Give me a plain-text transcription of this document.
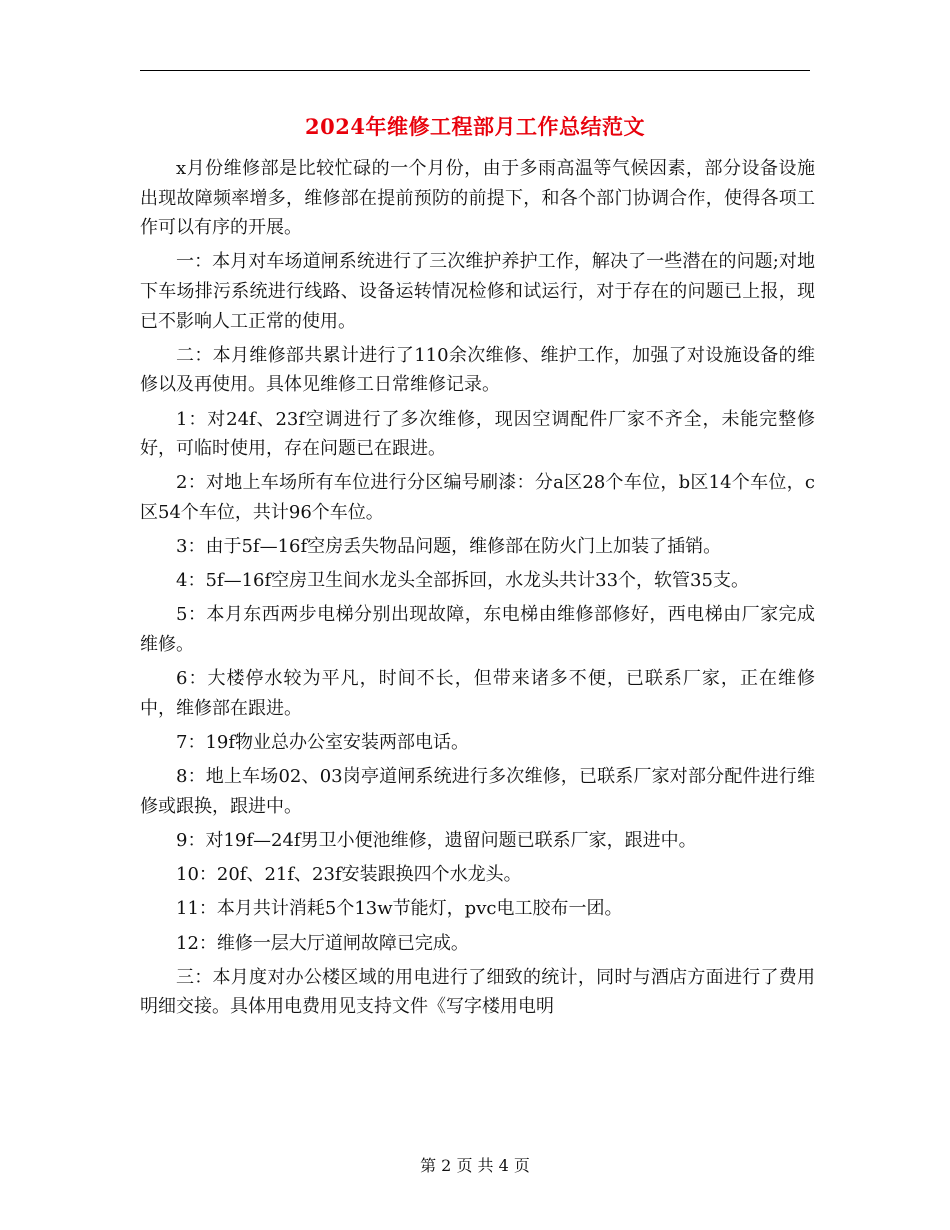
2024年维修工程部月工作总结范文

x月份维修部是比较忙碌的一个月份，由于多雨高温等气候因素，部分设备设施出现故障频率增多，维修部在提前预防的前提下，和各个部门协调合作，使得各项工作可以有序的开展。

一：本月对车场道闸系统进行了三次维护养护工作，解决了一些潜在的问题;对地下车场排污系统进行线路、设备运转情况检修和试运行，对于存在的问题已上报，现已不影响人工正常的使用。

二：本月维修部共累计进行了110余次维修、维护工作，加强了对设施设备的维修以及再使用。具体见维修工日常维修记录。

1：对24f、23f空调进行了多次维修，现因空调配件厂家不齐全，未能完整修好，可临时使用，存在问题已在跟进。

2：对地上车场所有车位进行分区编号刷漆：分a区28个车位，b区14个车位，c区54个车位，共计96个车位。

3：由于5f—16f空房丢失物品问题，维修部在防火门上加装了插销。

4：5f—16f空房卫生间水龙头全部拆回，水龙头共计33个，软管35支。

5：本月东西两步电梯分别出现故障，东电梯由维修部修好，西电梯由厂家完成维修。

6：大楼停水较为平凡，时间不长，但带来诸多不便，已联系厂家，正在维修中，维修部在跟进。

7：19f物业总办公室安装两部电话。

8：地上车场02、03岗亭道闸系统进行多次维修，已联系厂家对部分配件进行维修或跟换，跟进中。

9：对19f—24f男卫小便池维修，遗留问题已联系厂家，跟进中。

10：20f、21f、23f安装跟换四个水龙头。

11：本月共计消耗5个13w节能灯，pvc电工胶布一团。

12：维修一层大厅道闸故障已完成。

三：本月度对办公楼区域的用电进行了细致的统计，同时与酒店方面进行了费用明细交接。具体用电费用见支持文件《写字楼用电明

第 2 页 共 4 页
